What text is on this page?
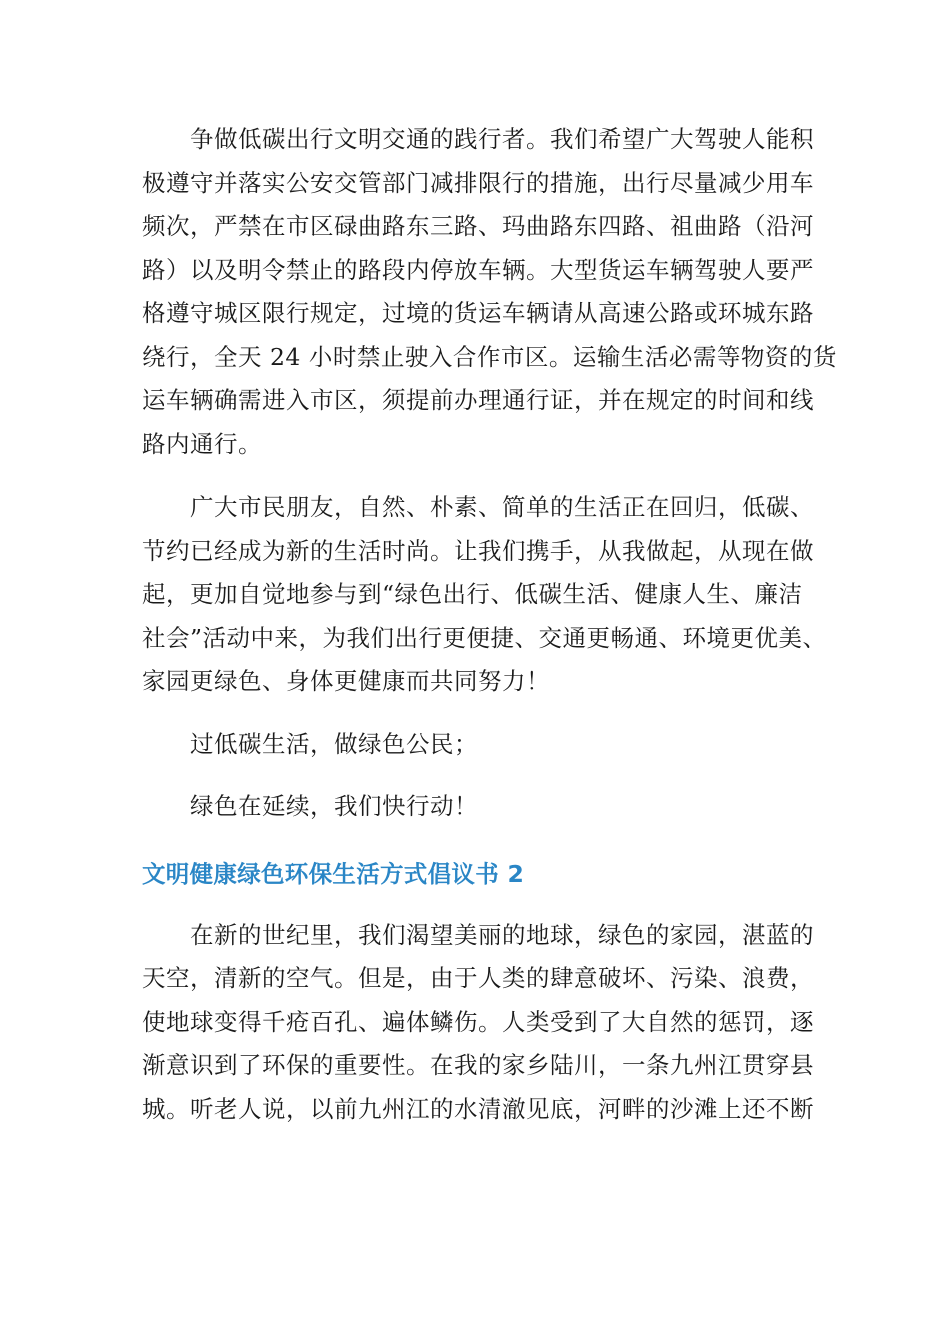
争做低碳出行文明交通的践行者。我们希望广大驾驶人能积
极遵守并落实公安交管部门减排限行的措施，出行尽量减少用车
频次，严禁在市区碌曲路东三路、玛曲路东四路、祖曲路（沿河
路）以及明令禁止的路段内停放车辆。大型货运车辆驾驶人要严
格遵守城区限行规定，过境的货运车辆请从高速公路或环城东路
绕行，全天 24 小时禁止驶入合作市区。运输生活必需等物资的货
运车辆确需进入市区，须提前办理通行证，并在规定的时间和线
路内通行。

广大市民朋友，自然、朴素、简单的生活正在回归，低碳、
节约已经成为新的生活时尚。让我们携手，从我做起，从现在做
起，更加自觉地参与到“绿色出行、低碳生活、健康人生、廉洁
社会”活动中来，为我们出行更便捷、交通更畅通、环境更优美、
家园更绿色、身体更健康而共同努力！

过低碳生活，做绿色公民；

绿色在延续，我们快行动！

文明健康绿色环保生活方式倡议书 2

在新的世纪里，我们渴望美丽的地球，绿色的家园，湛蓝的
天空，清新的空气。但是，由于人类的肆意破坏、污染、浪费，
使地球变得千疮百孔、遍体鳞伤。人类受到了大自然的惩罚，逐
渐意识到了环保的重要性。在我的家乡陆川，一条九州江贯穿县
城。听老人说，以前九州江的水清澈见底，河畔的沙滩上还不断
